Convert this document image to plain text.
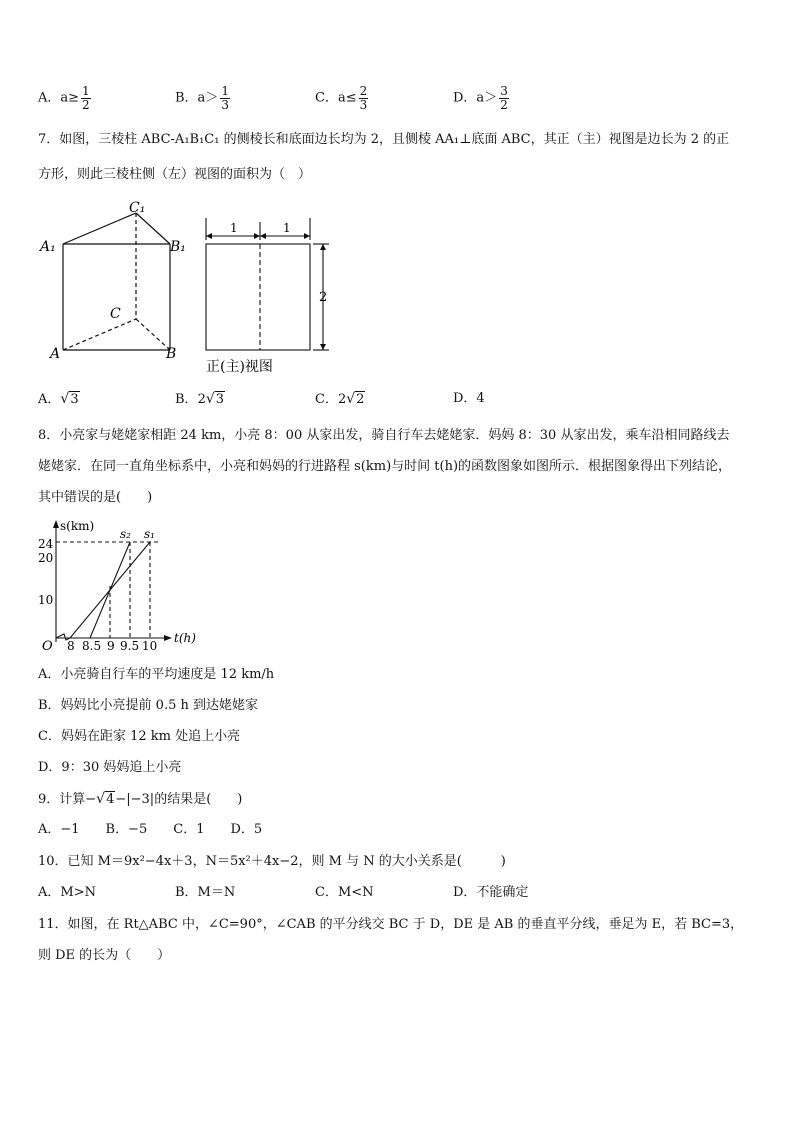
A．$a\ge \frac{1}{2}$	B．$a> \frac{1}{3}$	C．$a\le \frac{2}{3}$	D．$a> \frac{3}{2}$
7．如图，三棱柱 ABC-A₁B₁C₁ 的侧棱长和底面边长均为 2，且侧棱 AA₁⊥底面 ABC，其正（主）视图是边长为 2 的正
方形，则此三棱柱侧（左）视图的面积为（　）
C₁
A₁	B₁
C
A	B
1	1
2
正(主)视图
A．√3	B．2√3	C．2√2	D．4
8．小亮家与姥姥家相距 24 km，小亮 8：00 从家出发，骑自行车去姥姥家．妈妈 8：30 从家出发，乘车沿相同路线去
姥姥家．在同一直角坐标系中，小亮和妈妈的行进路程 s(km)与时间 t(h)的函数图象如图所示．根据图象得出下列结论，
其中错误的是(　　)
s(km)
t(h)
O
24
20
10
8 8.5 9 9.5 10
s₂ s₁
A．小亮骑自行车的平均速度是 12 km/h
B．妈妈比小亮提前 0.5 h 到达姥姥家
C．妈妈在距家 12 km 处追上小亮
D．9：30 妈妈追上小亮
9．计算−√4−|−3|的结果是(　　)
A．−1　　B．−5　　C．1　　D．5
10．已知 M＝9x²−4x＋3，N＝5x²＋4x−2，则 M 与 N 的大小关系是(　　　)
A．M>N	B．M＝N	C．M<N	D．不能确定
11．如图，在 Rt△ABC 中，∠C=90°，∠CAB 的平分线交 BC 于 D，DE 是 AB 的垂直平分线，垂足为 E，若 BC=3，
则 DE 的长为（　　）
